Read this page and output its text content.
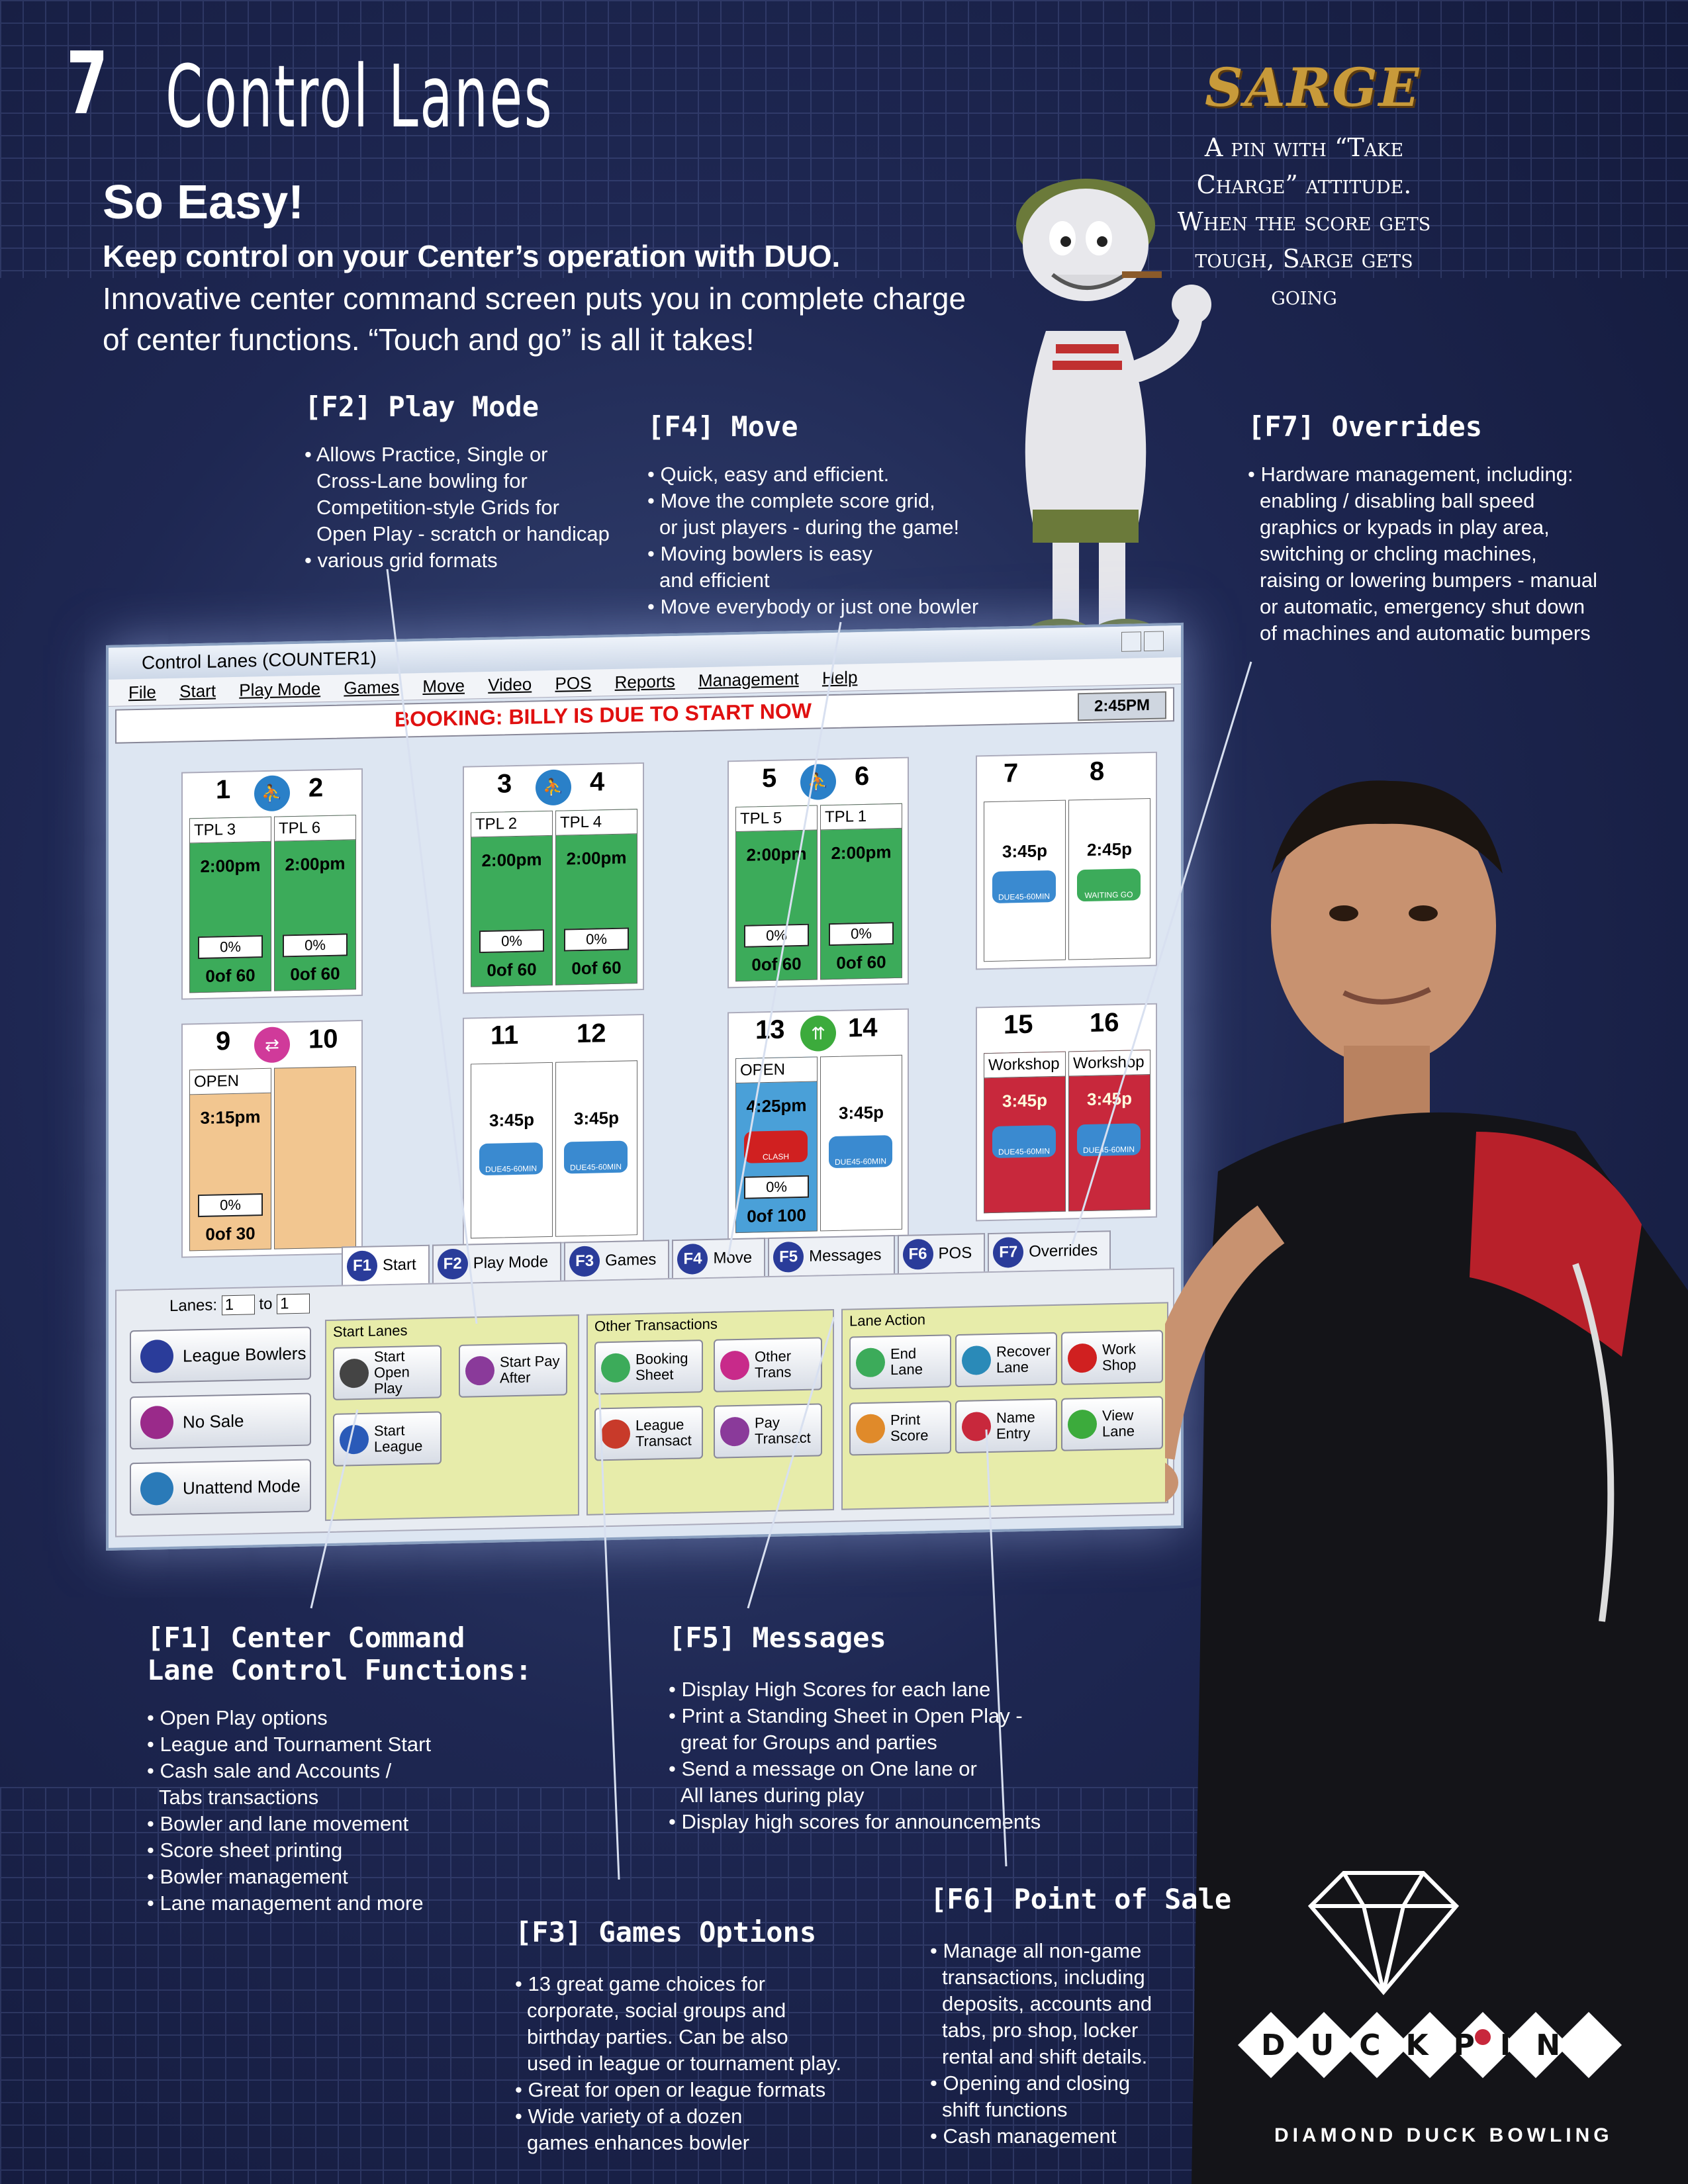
7 Control Lanes
So Easy!
Keep control on your Center’s operation with DUO.
Innovative center command screen puts you in complete charge of center functions. “Touch and go” is all it takes!
SARGE
A pin with “Take Charge” attitude. When the score gets tough, Sarge gets going
[F2] Play Mode
• Allows Practice, Single or
Cross-Lane bowling for
Competition-style Grids for
Open Play - scratch or handicap
• various grid formats
[F4] Move
• Quick, easy and efficient.
• Move the complete score grid,
or just players - during the game!
• Moving bowlers is easy
and efficient
• Move everybody or just one bowler
[F7] Overrides
• Hardware management, including:
enabling / disabling ball speed
graphics or kypads in play area,
switching or chcling machines,
raising or lowering bumpers - manual
or automatic, emergency shut down
of machines and automatic bumpers
Control Lanes (COUNTER1)
File Start Play Mode Games Move Video POS Reports Management Help
BOOKING: BILLY IS DUE TO START NOW	2:45PM
1	⛹ 2
TPL 3
2:00pm
0%
0of 60
TPL 6
2:00pm
0%
0of 60
3	⛹ 4
TPL 2
2:00pm
0%
0of 60
TPL 4
2:00pm
0%
0of 60
5	⛹ 6
TPL 5
2:00pm
0%
0of 60
TPL 1
2:00pm
0%
0of 60
7	8
3:45p
DUE45-60MIN
2:45p
WAITING GO
9	⇄	10
OPEN
3:15pm
0%
0of 30
11 12
3:45p
DUE45-60MIN
3:45p
DUE45-60MIN
13	⇈ 14
OPEN
4:25pm
CLASH
0%
0of 100
3:45p
DUE45-60MIN
15 16
Workshop
3:45p
DUE45-60MIN
Workshop
3:45p
DUE45-60MIN
F1 Start	F2 Play Mode	F3 Games	F4 Move	F5 Messages	F6 POS	F7 Overrides
Lanes: 1 to 1
League Bowlers
No Sale
Unattend Mode
Start Lanes
Start Open Play
Start Pay After
Start League
Other Transactions
Booking Sheet
Other Trans
League Transact
Pay Transact
Lane Action
End Lane
Recover Lane
Work Shop
Print Score
Name Entry
View Lane
[F1] Center Command
Lane Control Functions:
• Open Play options
• League and Tournament Start
• Cash sale and Accounts /
Tabs transactions
• Bowler and lane movement
• Score sheet printing
• Bowler management
• Lane management and more
[F5] Messages
• Display High Scores for each lane
• Print a Standing Sheet in Open Play -
great for Groups and parties
• Send a message on One lane or
All lanes during play
• Display high scores for announcements
[F3] Games Options
• 13 great game choices for
corporate, social groups and
birthday parties. Can be also
used in league or tournament play.
• Great for open or league formats
• Wide variety of a dozen
games enhances bowler
[F6] Point of Sale
• Manage all non-game
transactions, including
deposits, accounts and
tabs, pro shop, locker
rental and shift details.
• Opening and closing
shift functions
• Cash management
DUCKPIN
DIAMOND DUCK BOWLING
